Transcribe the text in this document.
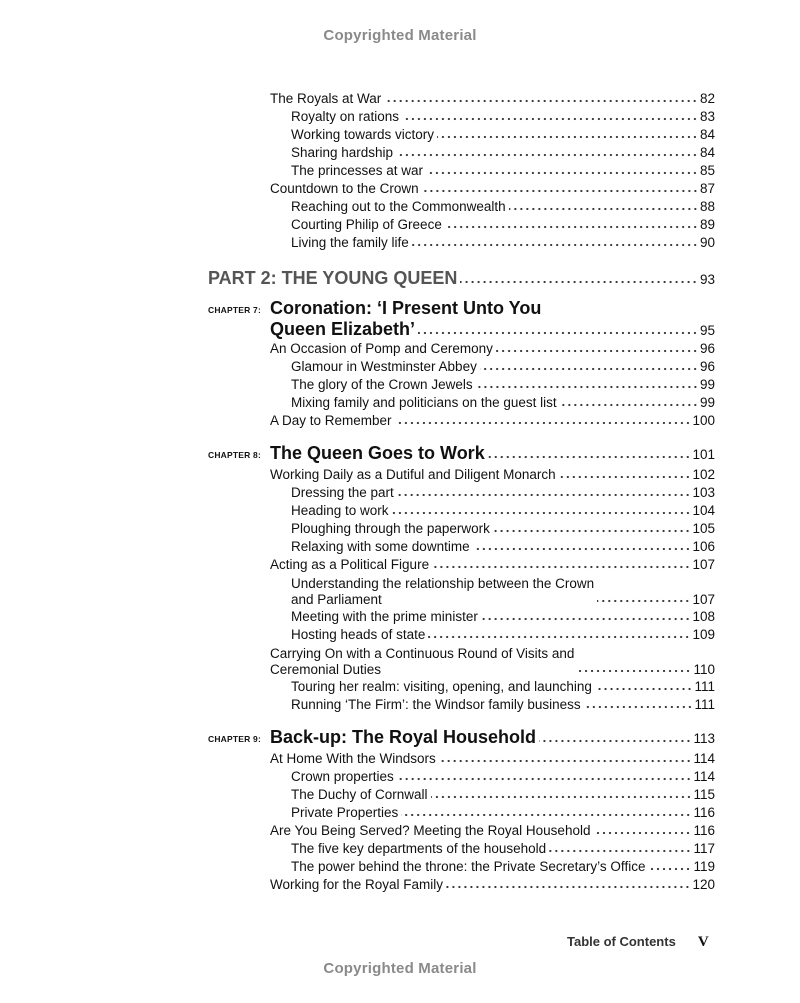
Copyrighted Material
The Royals at War	82
Royalty on rations	83
Working towards victory	84
Sharing hardship	84
The princesses at war	85
Countdown to the Crown	87
Reaching out to the Commonwealth	88
Courting Philip of Greece	89
Living the family life	90
PART 2: THE YOUNG QUEEN	93
CHAPTER 7: Coronation: ‘I Present Unto You
Queen Elizabeth’	95
An Occasion of Pomp and Ceremony	96
Glamour in Westminster Abbey	96
The glory of the Crown Jewels	99
Mixing family and politicians on the guest list	99
A Day to Remember	100
CHAPTER 8: The Queen Goes to Work	101
Working Daily as a Dutiful and Diligent Monarch	102
Dressing the part	103
Heading to work	104
Ploughing through the paperwork	105
Relaxing with some downtime	106
Acting as a Political Figure	107
Understanding the relationship between the Crown
and Parliament	107
Meeting with the prime minister	108
Hosting heads of state	109
Carrying On with a Continuous Round of Visits and
Ceremonial Duties	110
Touring her realm: visiting, opening, and launching	111
Running ‘The Firm’: the Windsor family business	111
CHAPTER 9: Back-up: The Royal Household	113
At Home With the Windsors	114
Crown properties	114
The Duchy of Cornwall	115
Private Properties	116
Are You Being Served? Meeting the Royal Household	116
The five key departments of the household	117
The power behind the throne: the Private Secretary’s Office	119
Working for the Royal Family	120
Table of Contents V
Copyrighted Material
